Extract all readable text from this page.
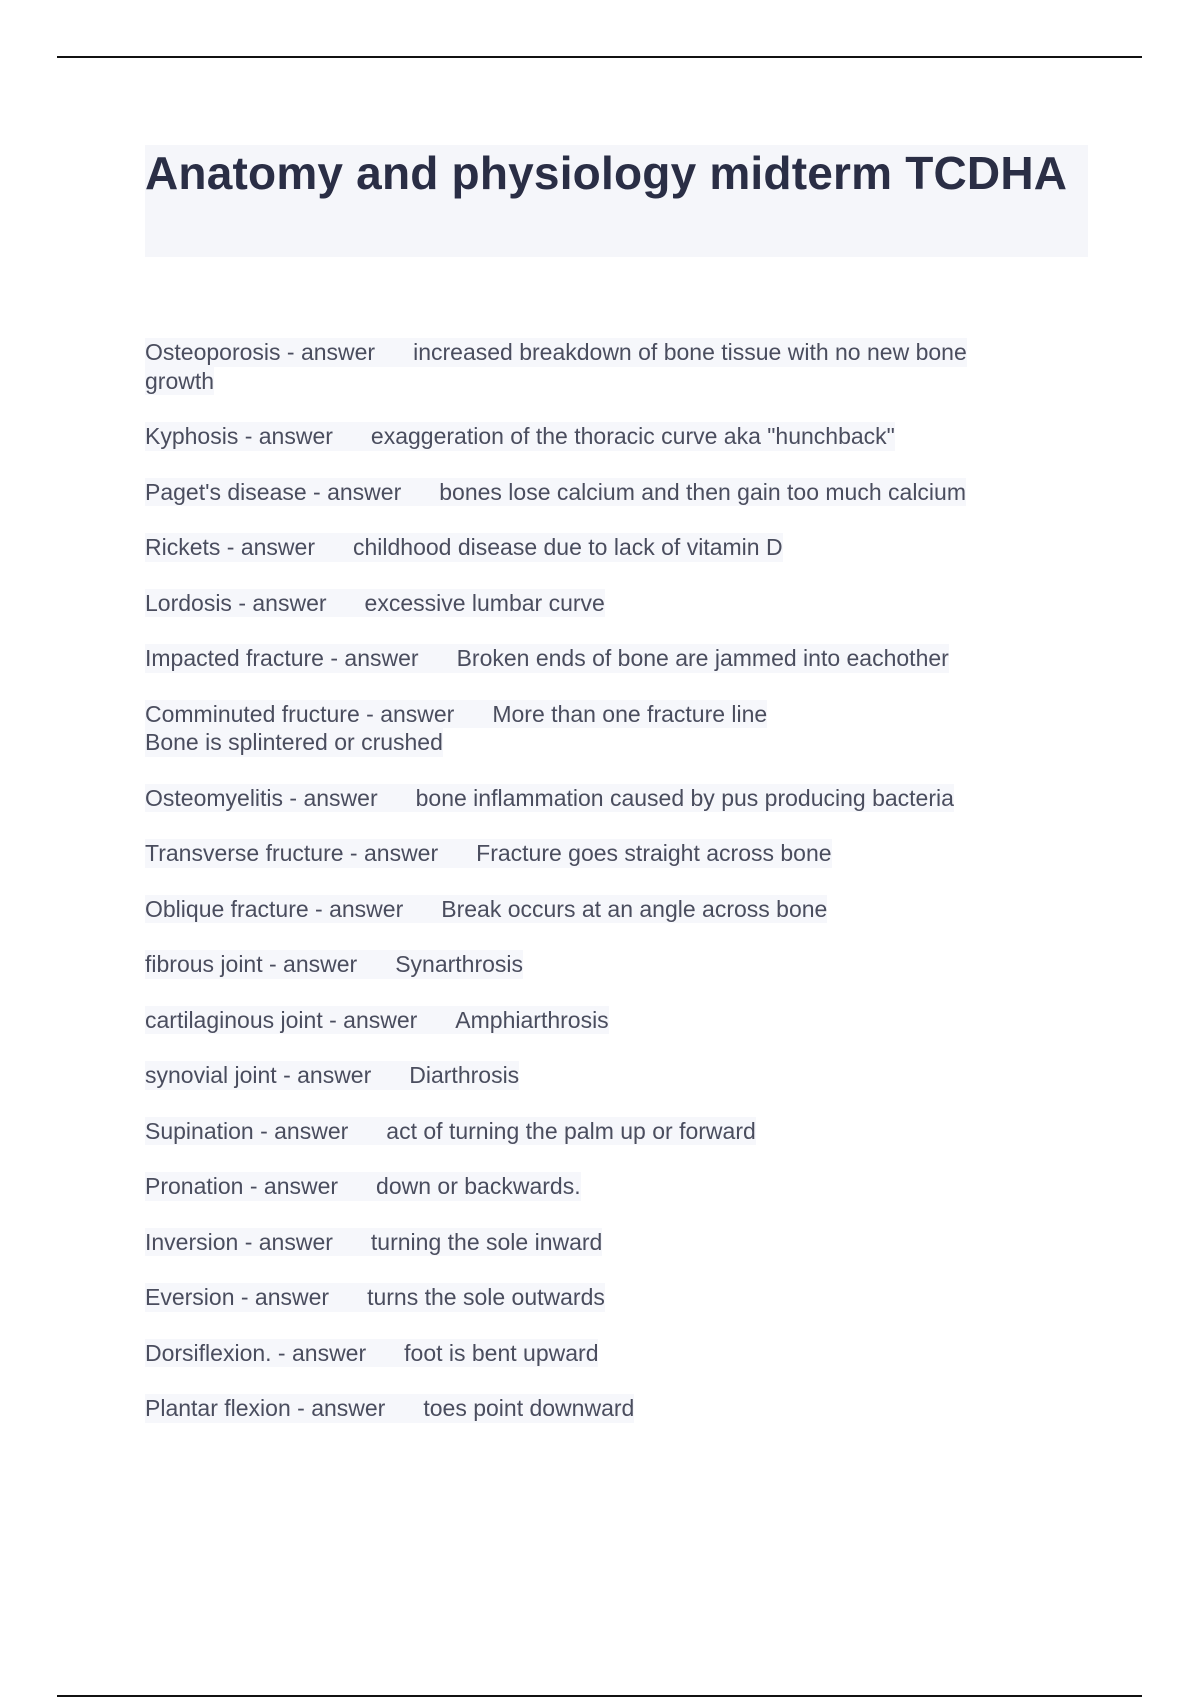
Anatomy and physiology midterm TCDHA
Osteoporosis - answer increased breakdown of bone tissue with no new bone
growth
Kyphosis - answer exaggeration of the thoracic curve aka "hunchback"
Paget's disease - answer bones lose calcium and then gain too much calcium
Rickets - answer childhood disease due to lack of vitamin D
Lordosis - answer excessive lumbar curve
Impacted fracture - answer Broken ends of bone are jammed into eachother
Comminuted fructure - answer More than one fracture line
Bone is splintered or crushed
Osteomyelitis - answer bone inflammation caused by pus producing bacteria
Transverse fructure - answer Fracture goes straight across bone
Oblique fracture - answer Break occurs at an angle across bone
fibrous joint - answer Synarthrosis
cartilaginous joint - answer Amphiarthrosis
synovial joint - answer Diarthrosis
Supination - answer act of turning the palm up or forward
Pronation - answer down or backwards.
Inversion - answer turning the sole inward
Eversion - answer turns the sole outwards
Dorsiflexion. - answer foot is bent upward
Plantar flexion - answer toes point downward
